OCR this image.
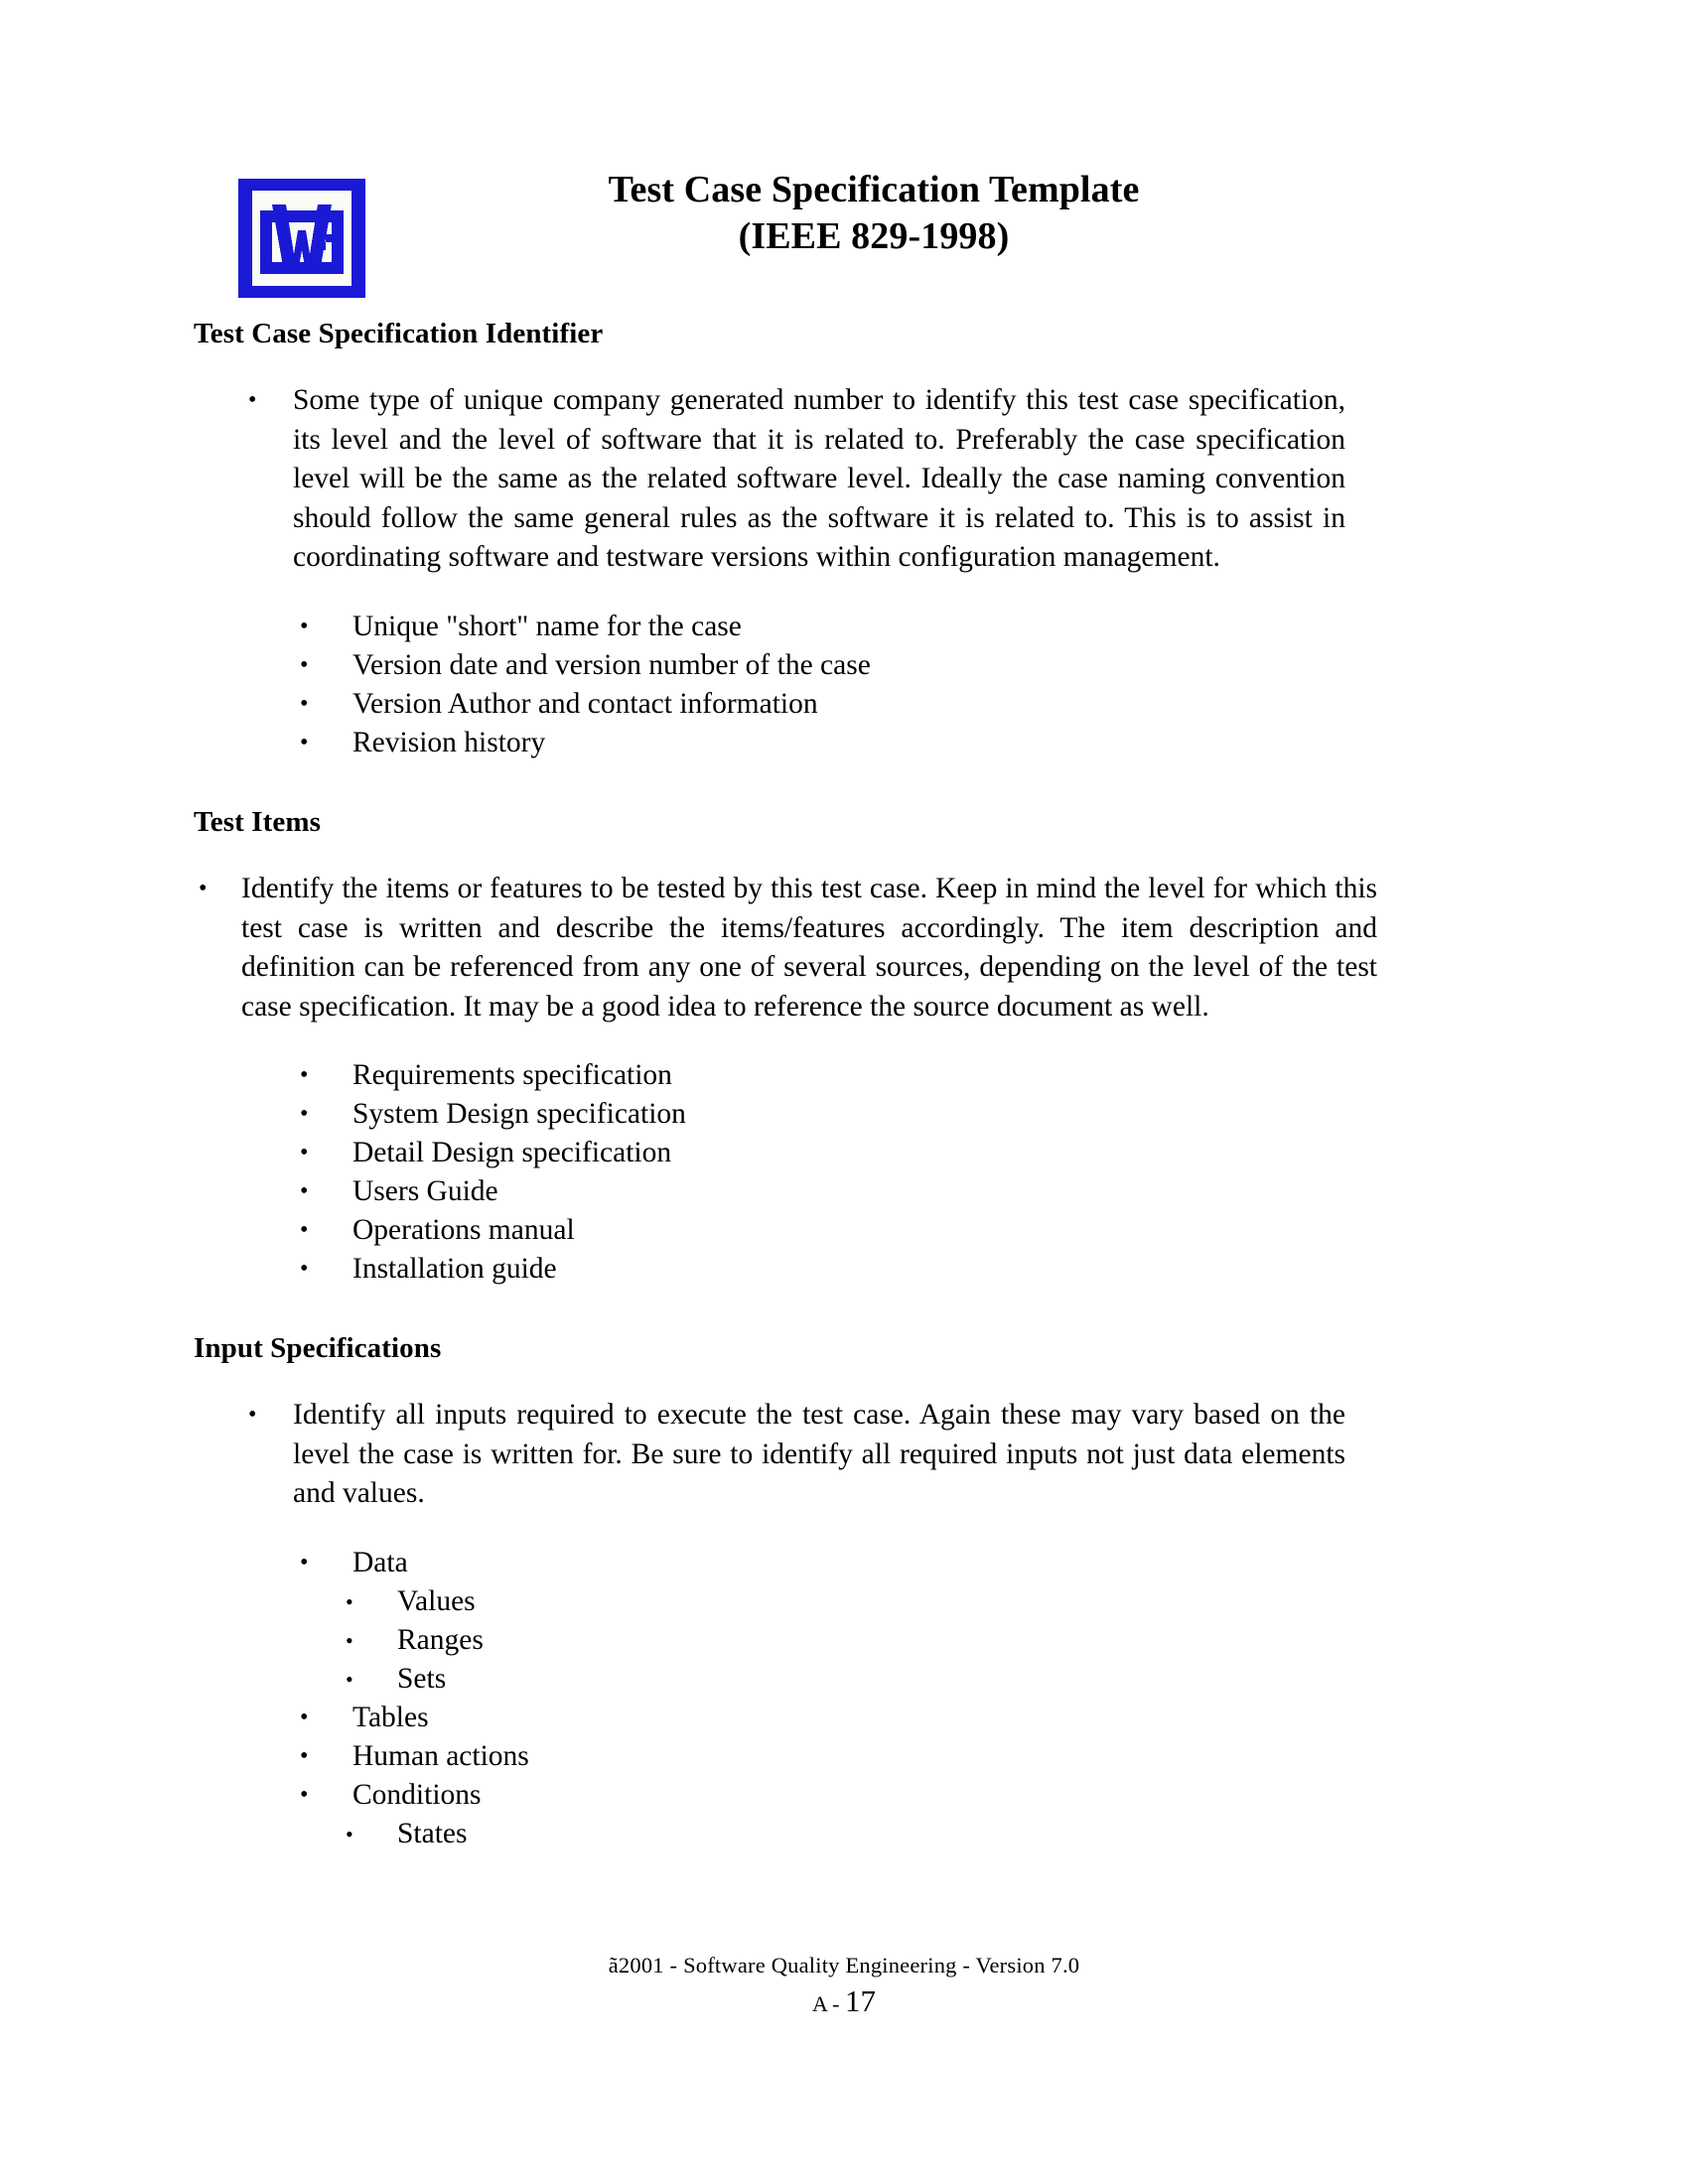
Test Case Specification Template
(IEEE 829-1998)
Test Case Specification Identifier
• Some type of unique company generated number to identify this test case specification, its level and the level of software that it is related to. Preferably the case specification level will be the same as the related software level. Ideally the case naming convention should follow the same general rules as the software it is related to. This is to assist in coordinating software and testware versions within configuration management.
• Unique "short" name for the case
• Version date and version number of the case
• Version Author and contact information
• Revision history
Test Items
• Identify the items or features to be tested by this test case. Keep in mind the level for which this test case is written and describe the items/features accordingly. The item description and definition can be referenced from any one of several sources, depending on the level of the test case specification. It may be a good idea to reference the source document as well.
• Requirements specification
• System Design specification
• Detail Design specification
• Users Guide
• Operations manual
• Installation guide
Input Specifications
• Identify all inputs required to execute the test case. Again these may vary based on the level the case is written for. Be sure to identify all required inputs not just data elements and values.
• Data
• Values
• Ranges
• Sets
• Tables
• Human actions
• Conditions
• States
ã2001 - Software Quality Engineering - Version 7.0
A - 17
